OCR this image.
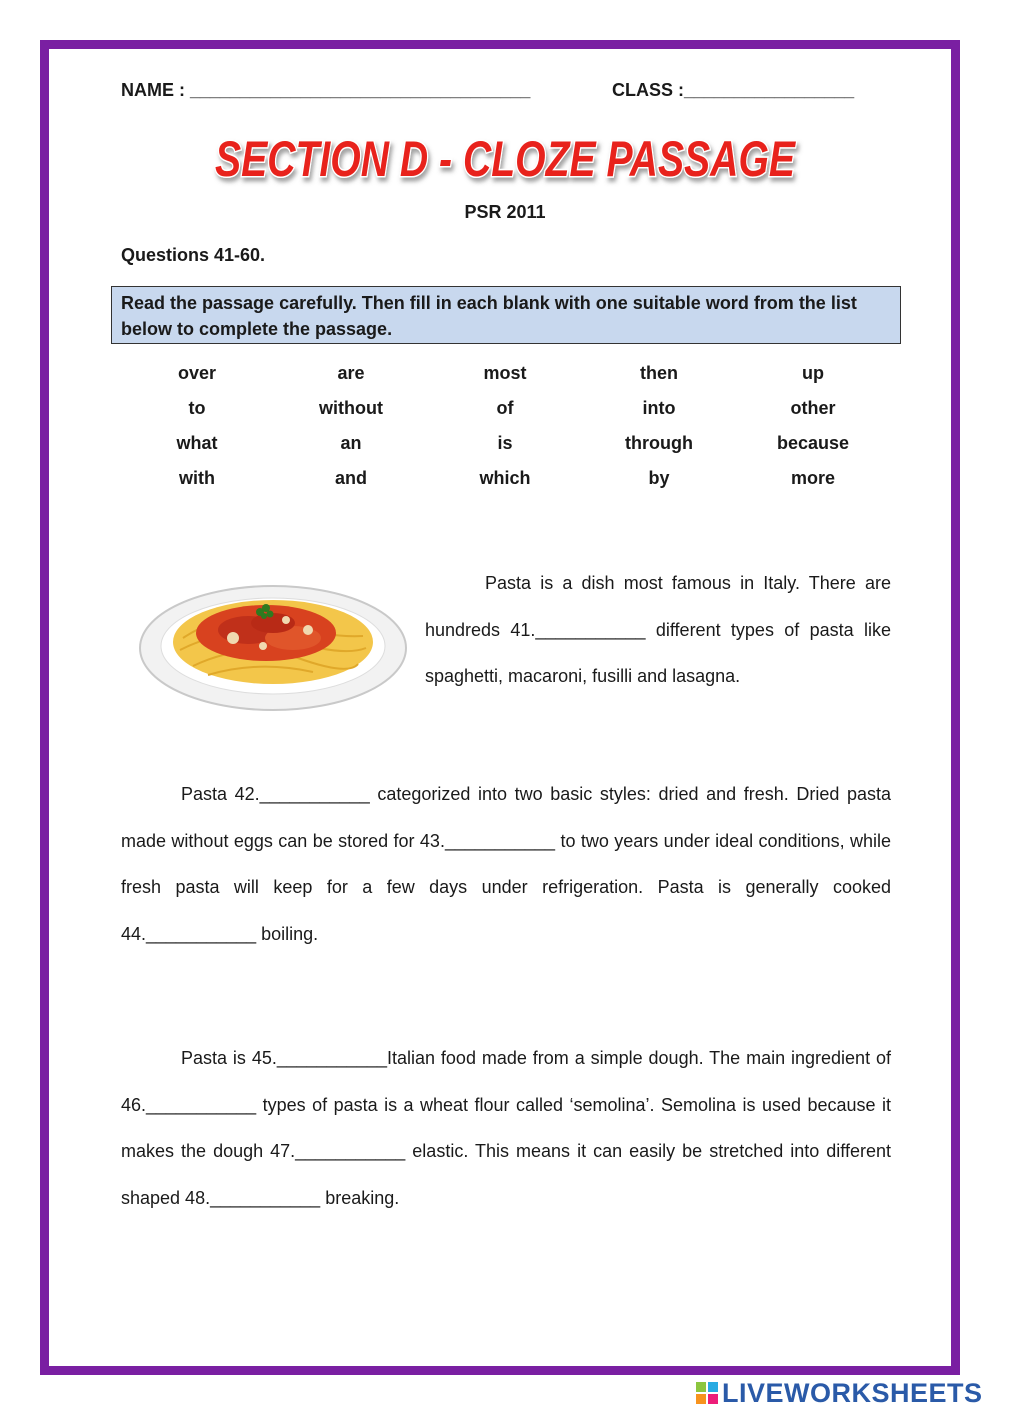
NAME : __________________________________	CLASS :_________________
SECTION D - CLOZE PASSAGE
PSR 2011
Questions 41-60.
Read the passage carefully. Then fill in each blank with one suitable word from the list below to complete the passage.
over	are	most	then	up
to	without	of	into	other
what	an	is	through	because
with	and	which	by	more
Pasta is a dish most famous in Italy. There are hundreds 41.___________ different types of pasta like spaghetti, macaroni, fusilli and lasagna.
Pasta 42.___________ categorized into two basic styles: dried and fresh. Dried pasta made without eggs can be stored for 43.___________ to two years under ideal conditions, while fresh pasta will keep for a few days under refrigeration. Pasta is generally cooked 44.___________ boiling.
Pasta is 45.___________Italian food made from a simple dough. The main ingredient of 46.___________ types of pasta is a wheat flour called ‘semolina’. Semolina is used because it makes the dough 47.___________ elastic. This means it can easily be stretched into different shaped 48.___________ breaking.
LIVEWORKSHEETS
